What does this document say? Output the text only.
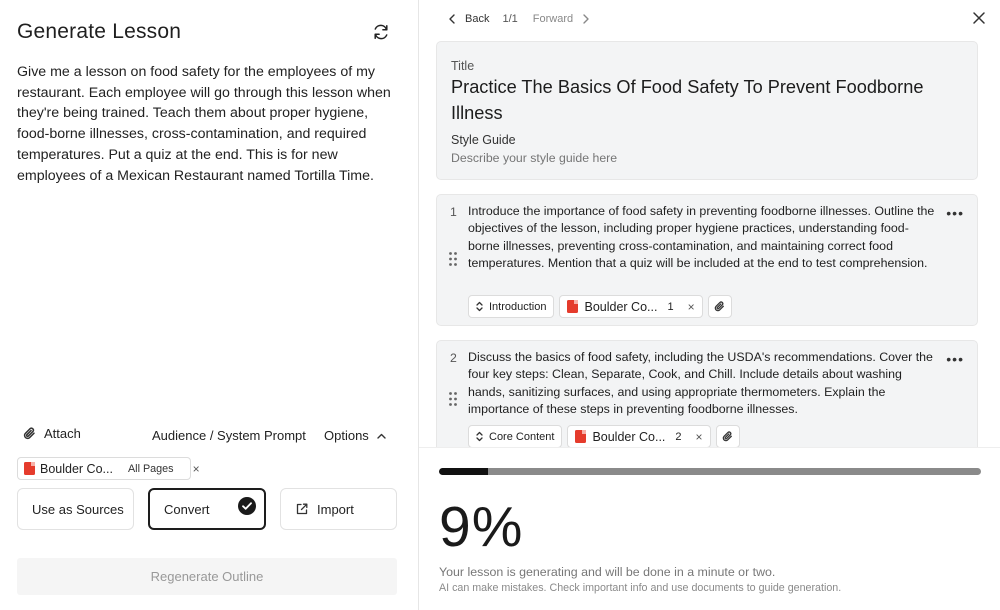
Generate Lesson
Give me a lesson on food safety for the employees of my restaurant. Each employee will go through this lesson when they're being trained. Teach them about proper hygiene, food-borne illnesses, cross-contamination, and required temperatures. Put a quiz at the end. This is for new employees of a Mexican Restaurant named Tortilla Time.
Attach	Audience / System Prompt Options
Boulder Co... All Pages ×
Use as Sources	Convert	Import
Regenerate Outline
Back 1/1 Forward
Title
Practice The Basics Of Food Safety To Prevent Foodborne Illness
Style Guide
Describe your style guide here
1 Introduce the importance of food safety in preventing foodborne illnesses. Outline the objectives of the lesson, including proper hygiene practices, understanding food-borne illnesses, preventing cross-contamination, and maintaining correct food temperatures. Mention that a quiz will be included at the end to test comprehension.
•••
Introduction	Boulder Co... 1 ×
2 Discuss the basics of food safety, including the USDA's recommendations. Cover the four key steps: Clean, Separate, Cook, and Chill. Include details about washing hands, sanitizing surfaces, and using appropriate thermometers. Explain the importance of these steps in preventing foodborne illnesses.
•••
Core Content	Boulder Co... 2 ×
9%
Your lesson is generating and will be done in a minute or two.
AI can make mistakes. Check important info and use documents to guide generation.
